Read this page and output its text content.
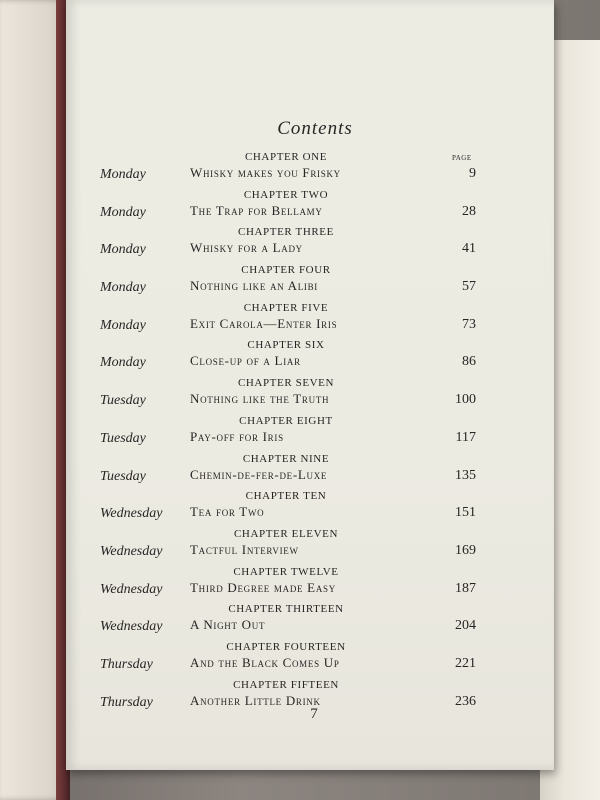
Contents
PAGE
Monday
CHAPTER ONE
Whisky makes you Frisky	9
Monday
CHAPTER TWO
The Trap for Bellamy	28
Monday
CHAPTER THREE
Whisky for a Lady	41
Monday
CHAPTER FOUR
Nothing like an Alibi	57
Monday
CHAPTER FIVE
Exit Carola—Enter Iris	73
Monday
CHAPTER SIX
Close-up of a Liar	86
Tuesday
CHAPTER SEVEN
Nothing like the Truth	100
Tuesday
CHAPTER EIGHT
Pay-off for Iris	117
Tuesday
CHAPTER NINE
Chemin-de-fer-de-Luxe	135
Wednesday
CHAPTER TEN
Tea for Two	151
Wednesday
CHAPTER ELEVEN
Tactful Interview	169
Wednesday
CHAPTER TWELVE
Third Degree made Easy	187
Wednesday
CHAPTER THIRTEEN
A Night Out	204
Thursday
CHAPTER FOURTEEN
And the Black Comes Up	221
Thursday
CHAPTER FIFTEEN
Another Little Drink	236
7
